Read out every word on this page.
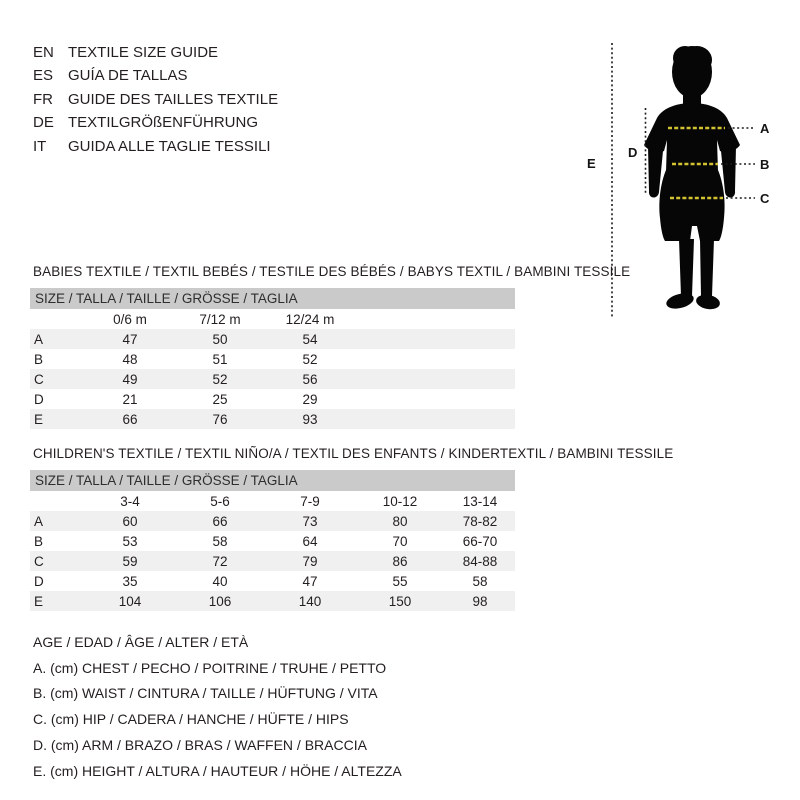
EN TEXTILE SIZE GUIDE
ES GUÍA DE TALLAS
FR GUIDE DES TAILLES TEXTILE
DE TEXTILGRÖßENFÜHRUNG
IT GUIDA ALLE TAGLIE TESSILI
A
B
C
D
E
BABIES TEXTILE / TEXTIL BEBÉS / TESTILE DES BÉBÉS / BABYS TEXTIL / BAMBINI TESSILE
SIZE / TALLA / TAILLE / GRÖSSE / TAGLIA				
	0/6 m	7/12 m	12/24 m	
A	47	50	54	
B	48	51	52	
C	49	52	56	
D	21	25	29	
E	66	76	93	
CHILDREN'S TEXTILE / TEXTIL NIÑO/A / TEXTIL DES ENFANTS / KINDERTEXTIL / BAMBINI TESSILE
SIZE / TALLA / TAILLE / GRÖSSE / TAGLIA						
	3-4	5-6	7-9	10-12	13-14	
A	60	66	73	80	78-82	
B	53	58	64	70	66-70	
C	59	72	79	86	84-88	
D	35	40	47	55	58	
E	104	106	140	150	98	
AGE / EDAD / ÂGE / ALTER / ETÀ
A. (cm) CHEST / PECHO / POITRINE / TRUHE / PETTO
B. (cm) WAIST / CINTURA / TAILLE / HÜFTUNG / VITA
C. (cm) HIP / CADERA / HANCHE / HÜFTE / HIPS
D. (cm) ARM / BRAZO / BRAS / WAFFEN / BRACCIA
E. (cm) HEIGHT / ALTURA / HAUTEUR / HÖHE / ALTEZZA
